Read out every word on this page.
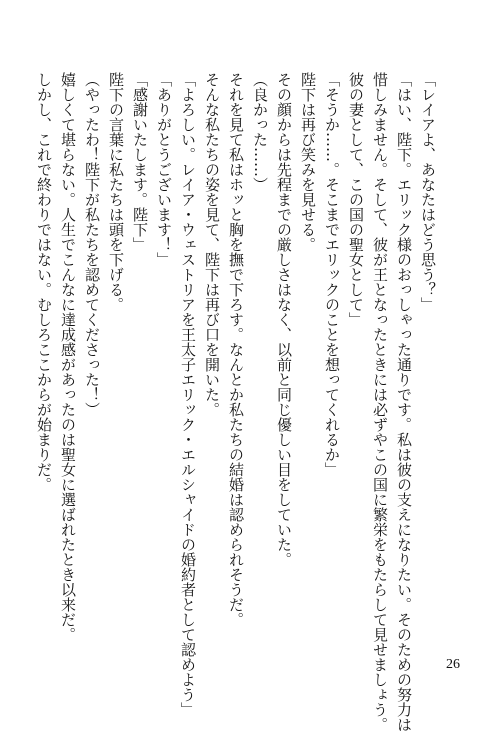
「レイアよ、あなたはどう思う？」
「はい、陛下。エリック様のおっしゃった通りです。私は彼の支えになりたい。そのための努力は
惜しみません。そして、彼が王となったときには必ずやこの国に繁栄をもたらして見せましょう。
彼の妻として、この国の聖女として」
「そうか……。そこまでエリックのことを想ってくれるか」
陛下は再び笑みを見せる。
その顔からは先程までの厳しさはなく、以前と同じ優しい目をしていた。
（良かった……）
それを見て私はホッと胸を撫で下ろす。なんとか私たちの結婚は認められそうだ。
そんな私たちの姿を見て、陛下は再び口を開いた。
「よろしい。レイア・ウェストリアを王太子エリック・エルシャイドの婚約者として認めよう」
「ありがとうございます！」
「感謝いたします。陛下」
陛下の言葉に私たちは頭を下げる。
（やったわ！陛下が私たちを認めてくださった！）
嬉しくて堪らない。人生でこんなに達成感があったのは聖女に選ばれたとき以来だ。
しかし、これで終わりではない。むしろここからが始まりだ。
26
